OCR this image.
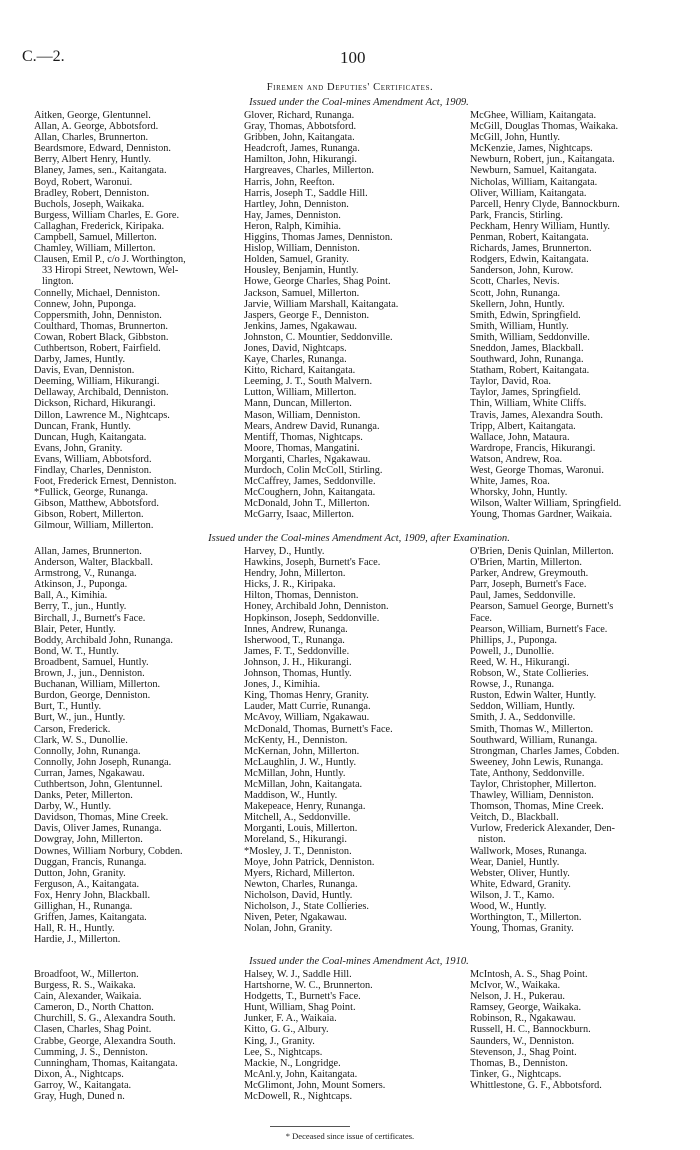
C.—2.	100
Firemen and Deputies' Certificates.
Issued under the Coal-mines Amendment Act, 1909.
Aitken, George, Glentunnel.
Allan, A. George, Abbotsford.
Allan, Charles, Brunnerton.
Beardsmore, Edward, Denniston.
Berry, Albert Henry, Huntly.
Blaney, James, sen., Kaitangata.
Boyd, Robert, Waronui.
Bradley, Robert, Denniston.
Buchols, Joseph, Waikaka.
Burgess, William Charles, E. Gore.
Callaghan, Frederick, Kiripaka.
Campbell, Samuel, Millerton.
Chamley, William, Millerton.
Clausen, Emil P., c/o J. Worthington,
33 Hiropi Street, Newtown, Wel-
lington.
Connelly, Michael, Denniston.
Connew, John, Puponga.
Coppersmith, John, Denniston.
Coulthard, Thomas, Brunnerton.
Cowan, Robert Black, Gibbston.
Cuthbertson, Robert, Fairfield.
Darby, James, Huntly.
Davis, Evan, Denniston.
Deeming, William, Hikurangi.
Dellaway, Archibald, Denniston.
Dickson, Richard, Hikurangi.
Dillon, Lawrence M., Nightcaps.
Duncan, Frank, Huntly.
Duncan, Hugh, Kaitangata.
Evans, John, Granity.
Evans, William, Abbotsford.
Findlay, Charles, Denniston.
Foot, Frederick Ernest, Denniston.
*Fullick, George, Runanga.
Gibson, Matthew, Abbotsford.
Gibson, Robert, Millerton.
Gilmour, William, Millerton.
Glover, Richard, Runanga.
Gray, Thomas, Abbotsford.
Gribben, John, Kaitangata.
Headcroft, James, Runanga.
Hamilton, John, Hikurangi.
Hargreaves, Charles, Millerton.
Harris, John, Reefton.
Harris, Joseph T., Saddle Hill.
Hartley, John, Denniston.
Hay, James, Denniston.
Heron, Ralph, Kimihia.
Higgins, Thomas James, Denniston.
Hislop, William, Denniston.
Holden, Samuel, Granity.
Housley, Benjamin, Huntly.
Howe, George Charles, Shag Point.
Jackson, Samuel, Millerton.
Jarvie, William Marshall, Kaitangata.
Jaspers, George F., Denniston.
Jenkins, James, Ngakawau.
Johnston, C. Mountier, Seddonville.
Jones, David, Nightcaps.
Kaye, Charles, Runanga.
Kitto, Richard, Kaitangata.
Leeming, J. T., South Malvern.
Lutton, William, Millerton.
Mann, Duncan, Millerton.
Mason, William, Denniston.
Mears, Andrew David, Runanga.
Mentiff, Thomas, Nightcaps.
Moore, Thomas, Mangatini.
Morganti, Charles, Ngakawau.
Murdoch, Colin McColl, Stirling.
McCaffrey, James, Seddonville.
McCoughern, John, Kaitangata.
McDonald, John T., Millerton.
McGarry, Isaac, Millerton.
McGhee, William, Kaitangata.
McGill, Douglas Thomas, Waikaka.
McGill, John, Huntly.
McKenzie, James, Nightcaps.
Newburn, Robert, jun., Kaitangata.
Newburn, Samuel, Kaitangata.
Nicholas, William, Kaitangata.
Oliver, William, Kaitangata.
Parcell, Henry Clyde, Bannockburn.
Park, Francis, Stirling.
Peckham, Henry William, Huntly.
Penman, Robert, Kaitangata.
Richards, James, Brunnerton.
Rodgers, Edwin, Kaitangata.
Sanderson, John, Kurow.
Scott, Charles, Nevis.
Scott, John, Runanga.
Skellern, John, Huntly.
Smith, Edwin, Springfield.
Smith, William, Huntly.
Smith, William, Seddonville.
Sneddon, James, Blackball.
Southward, John, Runanga.
Statham, Robert, Kaitangata.
Taylor, David, Roa.
Taylor, James, Springfield.
Thin, William, White Cliffs.
Travis, James, Alexandra South.
Tripp, Albert, Kaitangata.
Wallace, John, Mataura.
Wardrope, Francis, Hikurangi.
Watson, Andrew, Roa.
West, George Thomas, Waronui.
White, James, Roa.
Whorsky, John, Huntly.
Wilson, Walter William, Springfield.
Young, Thomas Gardner, Waikaia.
Issued under the Coal-mines Amendment Act, 1909, after Examination.
Allan, James, Brunnerton.
Anderson, Walter, Blackball.
Armstrong, V., Runanga.
Atkinson, J., Puponga.
Ball, A., Kimihia.
Berry, T., jun., Huntly.
Birchall, J., Burnett's Face.
Blair, Peter, Huntly.
Boddy, Archibald John, Runanga.
Bond, W. T., Huntly.
Broadbent, Samuel, Huntly.
Brown, J., jun., Denniston.
Buchanan, William, Millerton.
Burdon, George, Denniston.
Burt, T., Huntly.
Burt, W., jun., Huntly.
Carson, Frederick.
Clark, W. S., Dunollie.
Connolly, John, Runanga.
Connolly, John Joseph, Runanga.
Curran, James, Ngakawau.
Cuthbertson, John, Glentunnel.
Danks, Peter, Millerton.
Darby, W., Huntly.
Davidson, Thomas, Mine Creek.
Davis, Oliver James, Runanga.
Dowgray, John, Millerton.
Downes, William Norbury, Cobden.
Duggan, Francis, Runanga.
Dutton, John, Granity.
Ferguson, A., Kaitangata.
Fox, Henry John, Blackball.
Gillighan, H., Runanga.
Griffen, James, Kaitangata.
Hall, R. H., Huntly.
Hardie, J., Millerton.
Harvey, D., Huntly.
Hawkins, Joseph, Burnett's Face.
Hendry, John, Millerton.
Hicks, J. R., Kiripaka.
Hilton, Thomas, Denniston.
Honey, Archibald John, Denniston.
Hopkinson, Joseph, Seddonville.
Innes, Andrew, Runanga.
Isherwood, T., Runanga.
James, F. T., Seddonville.
Johnson, J. H., Hikurangi.
Johnson, Thomas, Huntly.
Jones, J., Kimihia.
King, Thomas Henry, Granity.
Lauder, Matt Currie, Runanga.
McAvoy, William, Ngakawau.
McDonald, Thomas, Burnett's Face.
McKenty, H., Denniston.
McKernan, John, Millerton.
McLaughlin, J. W., Huntly.
McMillan, John, Huntly.
McMillan, John, Kaitangata.
Maddison, W., Huntly.
Makepeace, Henry, Runanga.
Mitchell, A., Seddonville.
Morganti, Louis, Millerton.
Moreland, S., Hikurangi.
*Mosley, J. T., Denniston.
Moye, John Patrick, Denniston.
Myers, Richard, Millerton.
Newton, Charles, Runanga.
Nicholson, David, Huntly.
Nicholson, J., State Collieries.
Niven, Peter, Ngakawau.
Nolan, John, Granity.
O'Brien, Denis Quinlan, Millerton.
O'Brien, Martin, Millerton.
Parker, Andrew, Greymouth.
Parr, Joseph, Burnett's Face.
Paul, James, Seddonville.
Pearson, Samuel George, Burnett's
Face.
Pearson, William, Burnett's Face.
Phillips, J., Puponga.
Powell, J., Dunollie.
Reed, W. H., Hikurangi.
Robson, W., State Collieries.
Rowse, J., Runanga.
Ruston, Edwin Walter, Huntly.
Seddon, William, Huntly.
Smith, J. A., Seddonville.
Smith, Thomas W., Millerton.
Southward, William, Runanga.
Strongman, Charles James, Cobden.
Sweeney, John Lewis, Runanga.
Tate, Anthony, Seddonville.
Taylor, Christopher, Millerton.
Thawley, William, Denniston.
Thomson, Thomas, Mine Creek.
Veitch, D., Blackball.
Vurlow, Frederick Alexander, Den-
niston.
Wallwork, Moses, Runanga.
Wear, Daniel, Huntly.
Webster, Oliver, Huntly.
White, Edward, Granity.
Wilson, J. T., Kamo.
Wood, W., Huntly.
Worthington, T., Millerton.
Young, Thomas, Granity.
Issued under the Coal-mines Amendment Act, 1910.
Broadfoot, W., Millerton.
Burgess, R. S., Waikaka.
Cain, Alexander, Waikaia.
Cameron, D., North Chatton.
Churchill, S. G., Alexandra South.
Clasen, Charles, Shag Point.
Crabbe, George, Alexandra South.
Cumming, J. S., Denniston.
Cunningham, Thomas, Kaitangata.
Dixon, A., Nightcaps.
Garroy, W., Kaitangata.
Gray, Hugh, Duned n.
Halsey, W. J., Saddle Hill.
Hartshorne, W. C., Brunnerton.
Hodgetts, T., Burnett's Face.
Hunt, William, Shag Point.
Junker, F. A., Waikaia.
Kitto, G. G., Albury.
King, J., Granity.
Lee, S., Nightcaps.
Mackie, N., Longridge.
McAnl.y, John, Kaitangata.
McGlimont, John, Mount Somers.
McDowell, R., Nightcaps.
McIntosh, A. S., Shag Point.
McIvor, W., Waikaka.
Nelson, J. H., Pukerau.
Ramsey, George, Waikaka.
Robinson, R., Ngakawau.
Russell, H. C., Bannockburn.
Saunders, W., Denniston.
Stevenson, J., Shag Point.
Thomas, B., Denniston.
Tinker, G., Nightcaps.
Whittlestone, G. F., Abbotsford.
* Deceased since issue of certificates.
